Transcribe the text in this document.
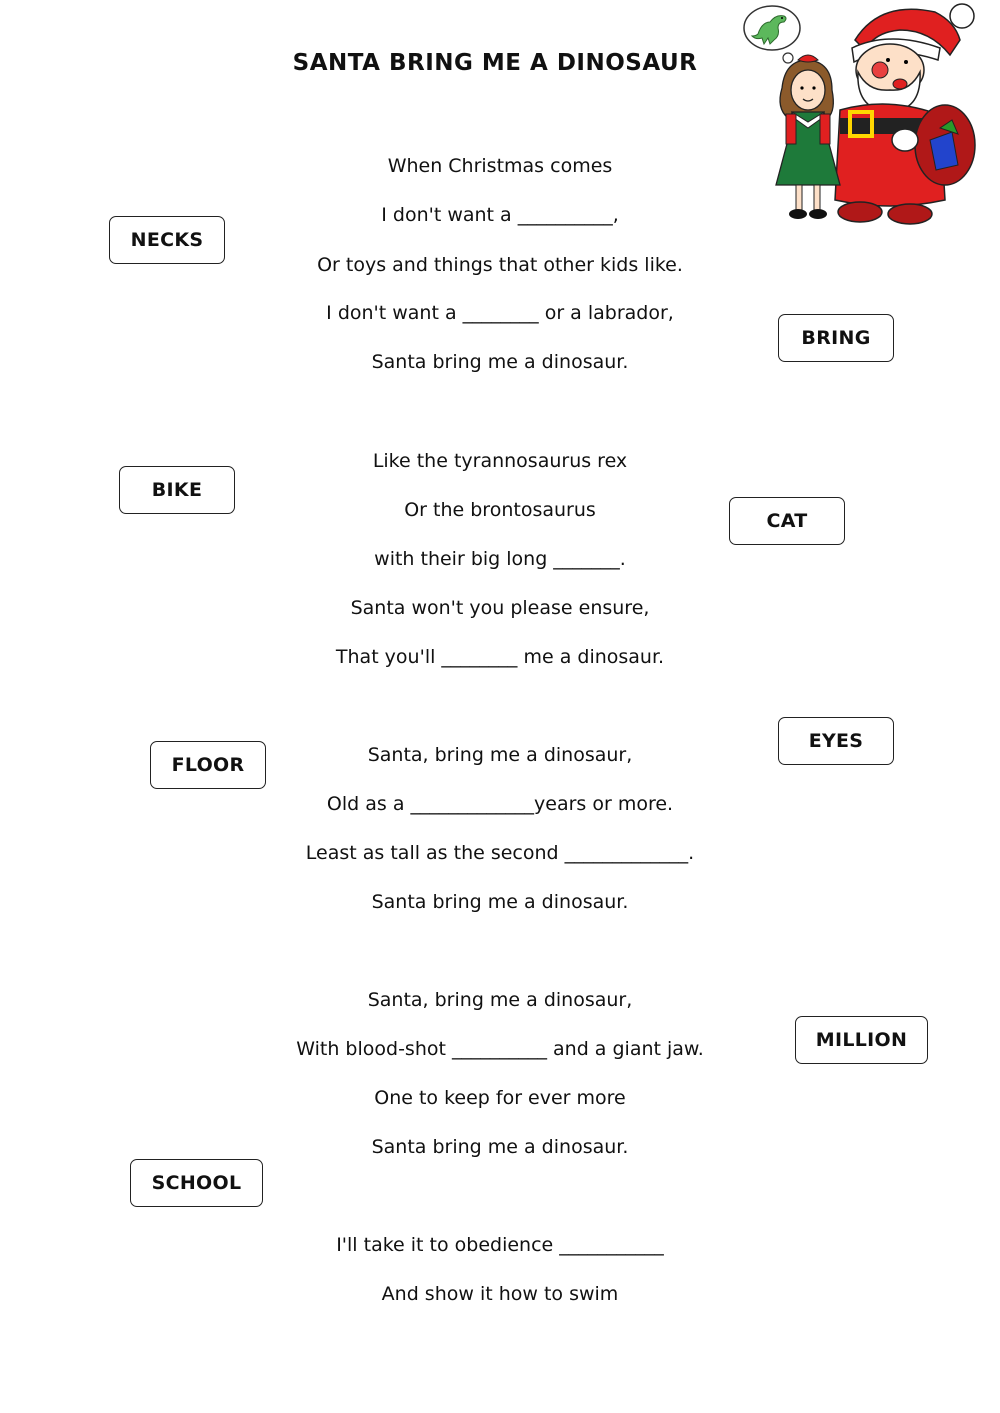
SANTA BRING ME A DINOSAUR
NECKS
BRING
BIKE
CAT
FLOOR
EYES
MILLION
SCHOOL
When Christmas comes
I don't want a __________,
Or toys and things that other kids like.
I don't want a ________ or a labrador,
Santa bring me a dinosaur.
Like the tyrannosaurus rex
Or the brontosaurus
with their big long _______.
Santa won't you please ensure,
That you'll ________ me a dinosaur.
Santa, bring me a dinosaur,
Old as a _____________years or more.
Least as tall as the second _____________.
Santa bring me a dinosaur.
Santa, bring me a dinosaur,
With blood-shot __________ and a giant jaw.
One to keep for ever more
Santa bring me a dinosaur.
I'll take it to obedience ___________
And show it how to swim
